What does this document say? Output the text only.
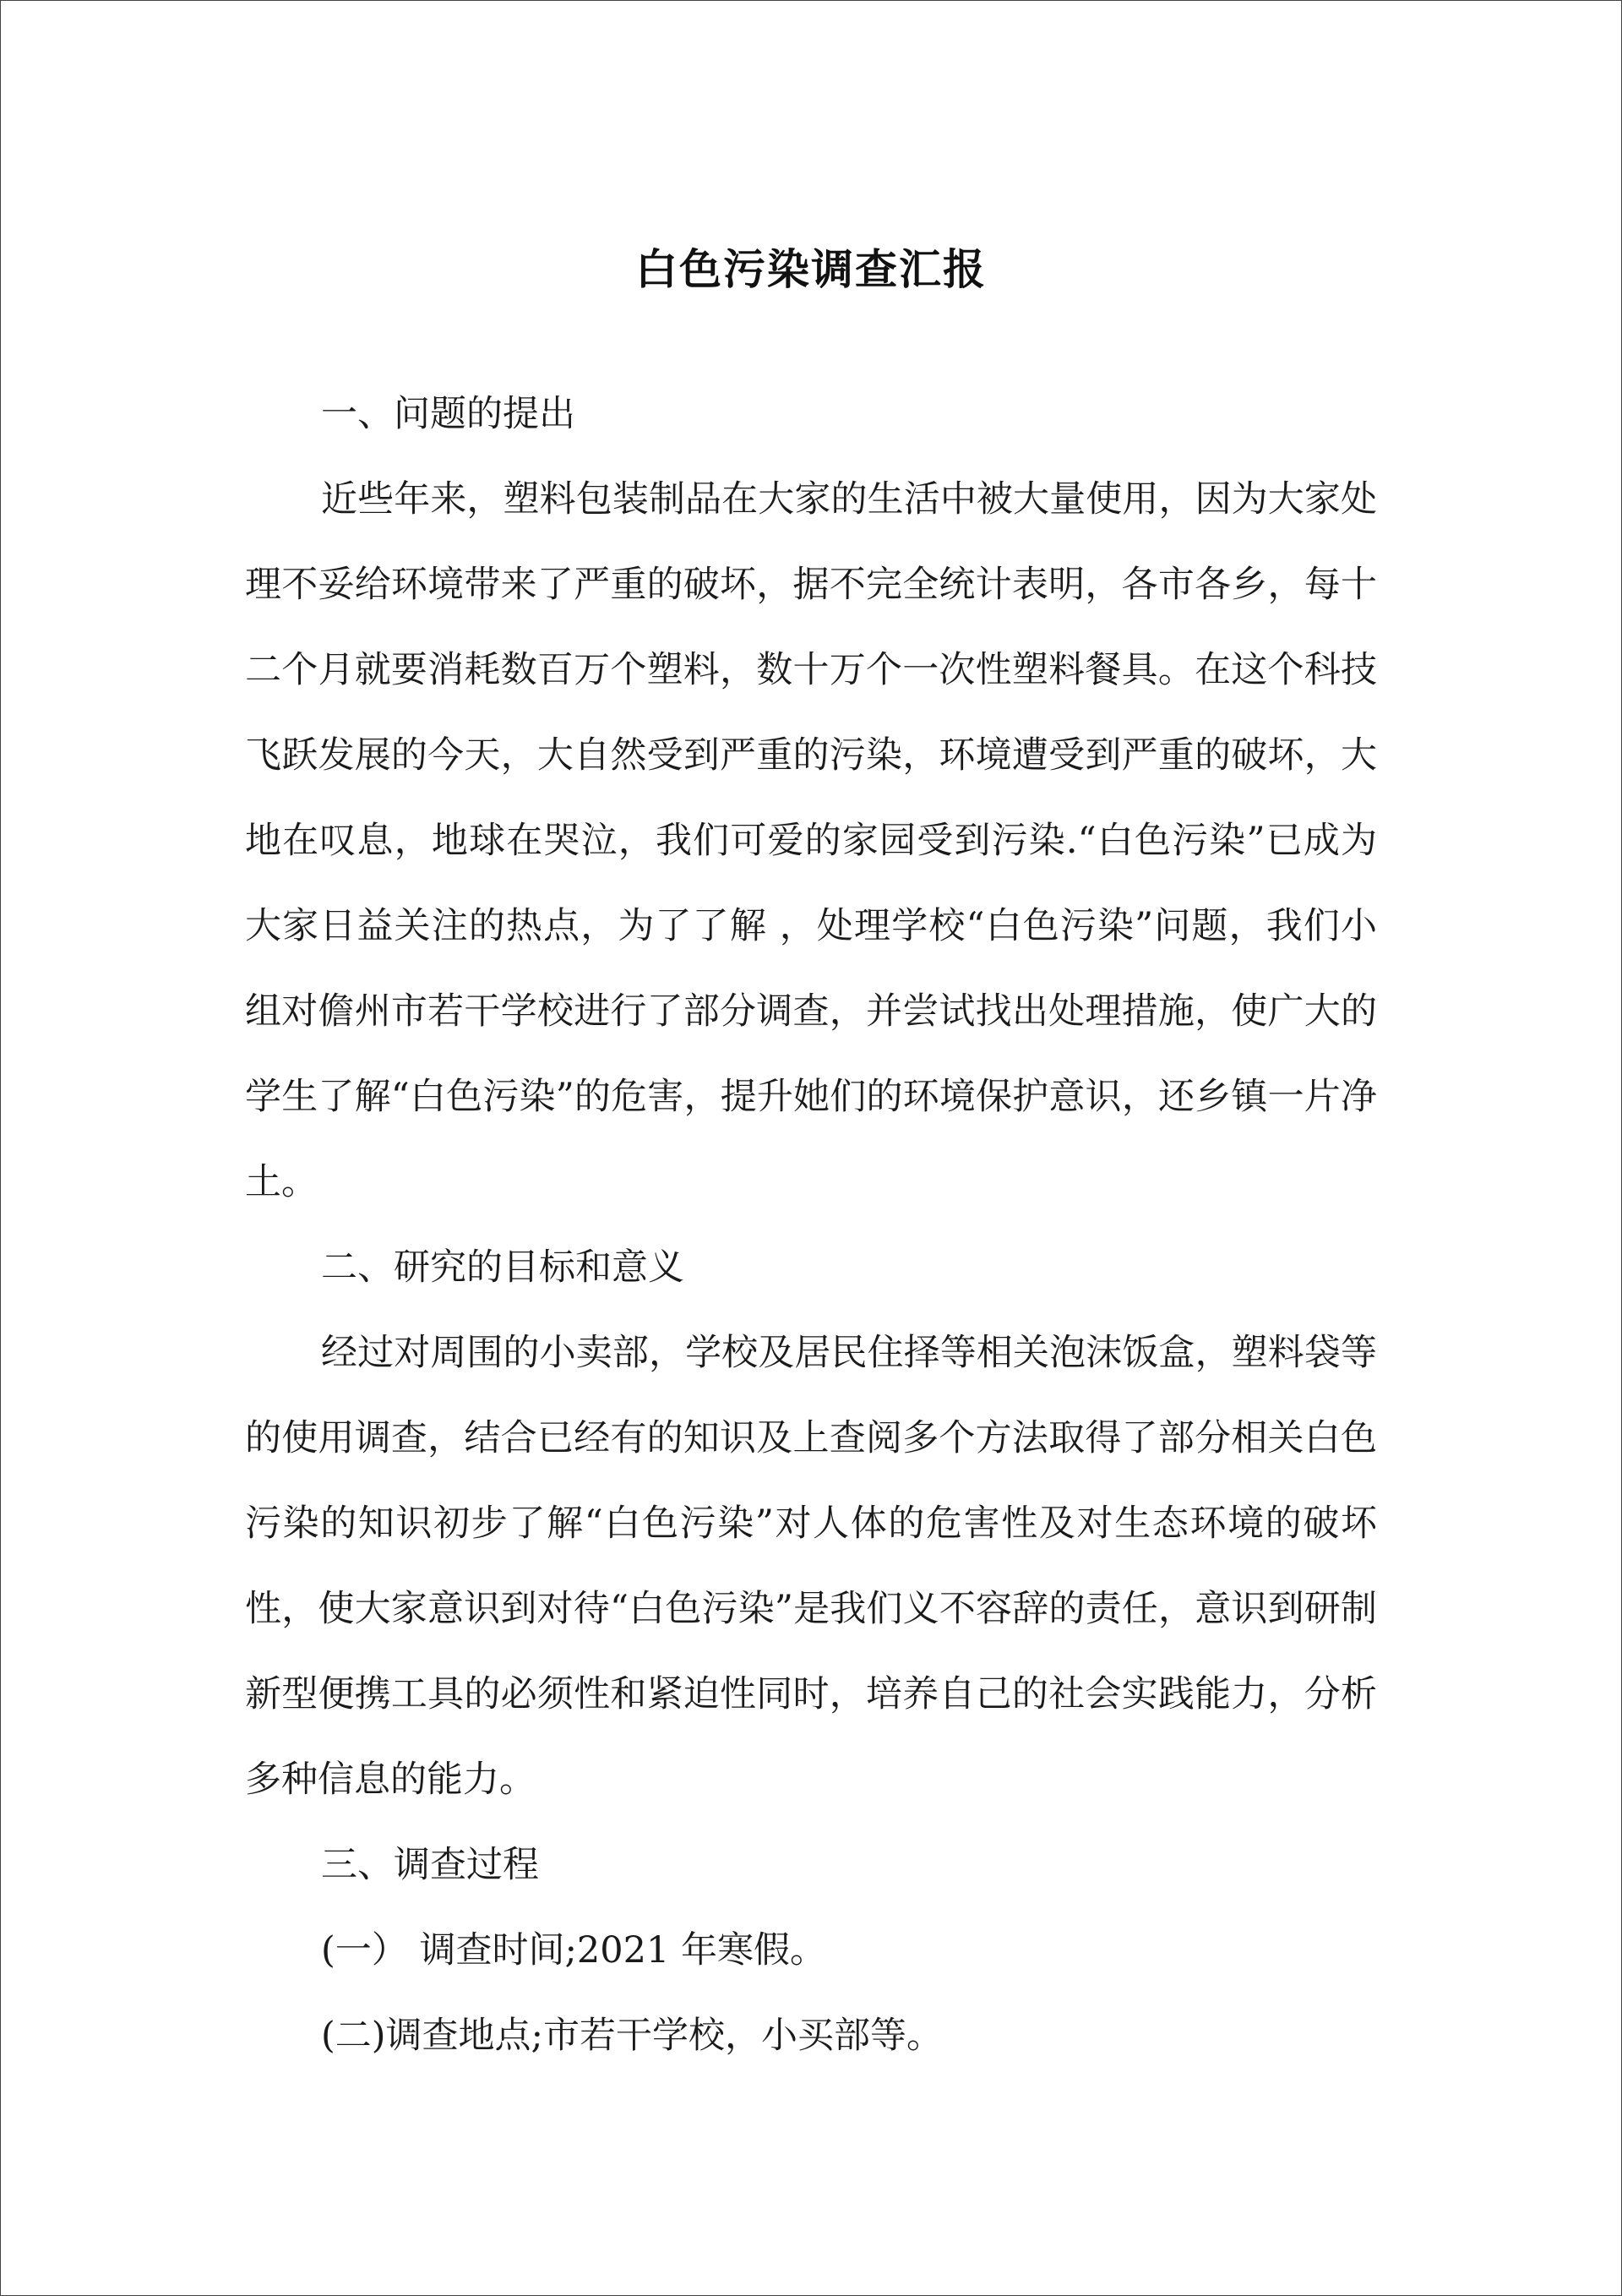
白色污染调查汇报

一、问题的提出

近些年来，塑料包装制品在大家的生活中被大量使用，因为大家处理不妥给环境带来了严重的破坏，据不完全统计表明，各市各乡，每十二个月就要消耗数百万个塑料，数十万个一次性塑料餐具。在这个科技飞跃发展的今天，大自然受到严重的污染，环境遭受到严重的破坏，大地在叹息，地球在哭泣，我们可爱的家园受到污染.“白色污染”已成为大家日益关注的热点，为了了解 ，处理学校“白色污染”问题，我们小组对儋州市若干学校进行了部分调查，并尝试找出处理措施，使广大的学生了解“白色污染”的危害，提升她们的环境保护意识，还乡镇一片净土。

二、研究的目标和意义

经过对周围的小卖部，学校及居民住择等相关泡沫饭盒，塑料袋等的使用调查，结合已经有的知识及上查阅多个方法取得了部分相关白色污染的知识初步了解“白色污染”对人体的危害性及对生态环境的破坏性，使大家意识到对待“白色污染”是我们义不容辞的责任，意识到研制新型便携工具的必须性和紧迫性同时，培养自己的社会实践能力，分析多种信息的能力。

三、调查过程

(一） 调查时间;2021 年寒假。

(二)调查地点;市若干学校，小买部等。
